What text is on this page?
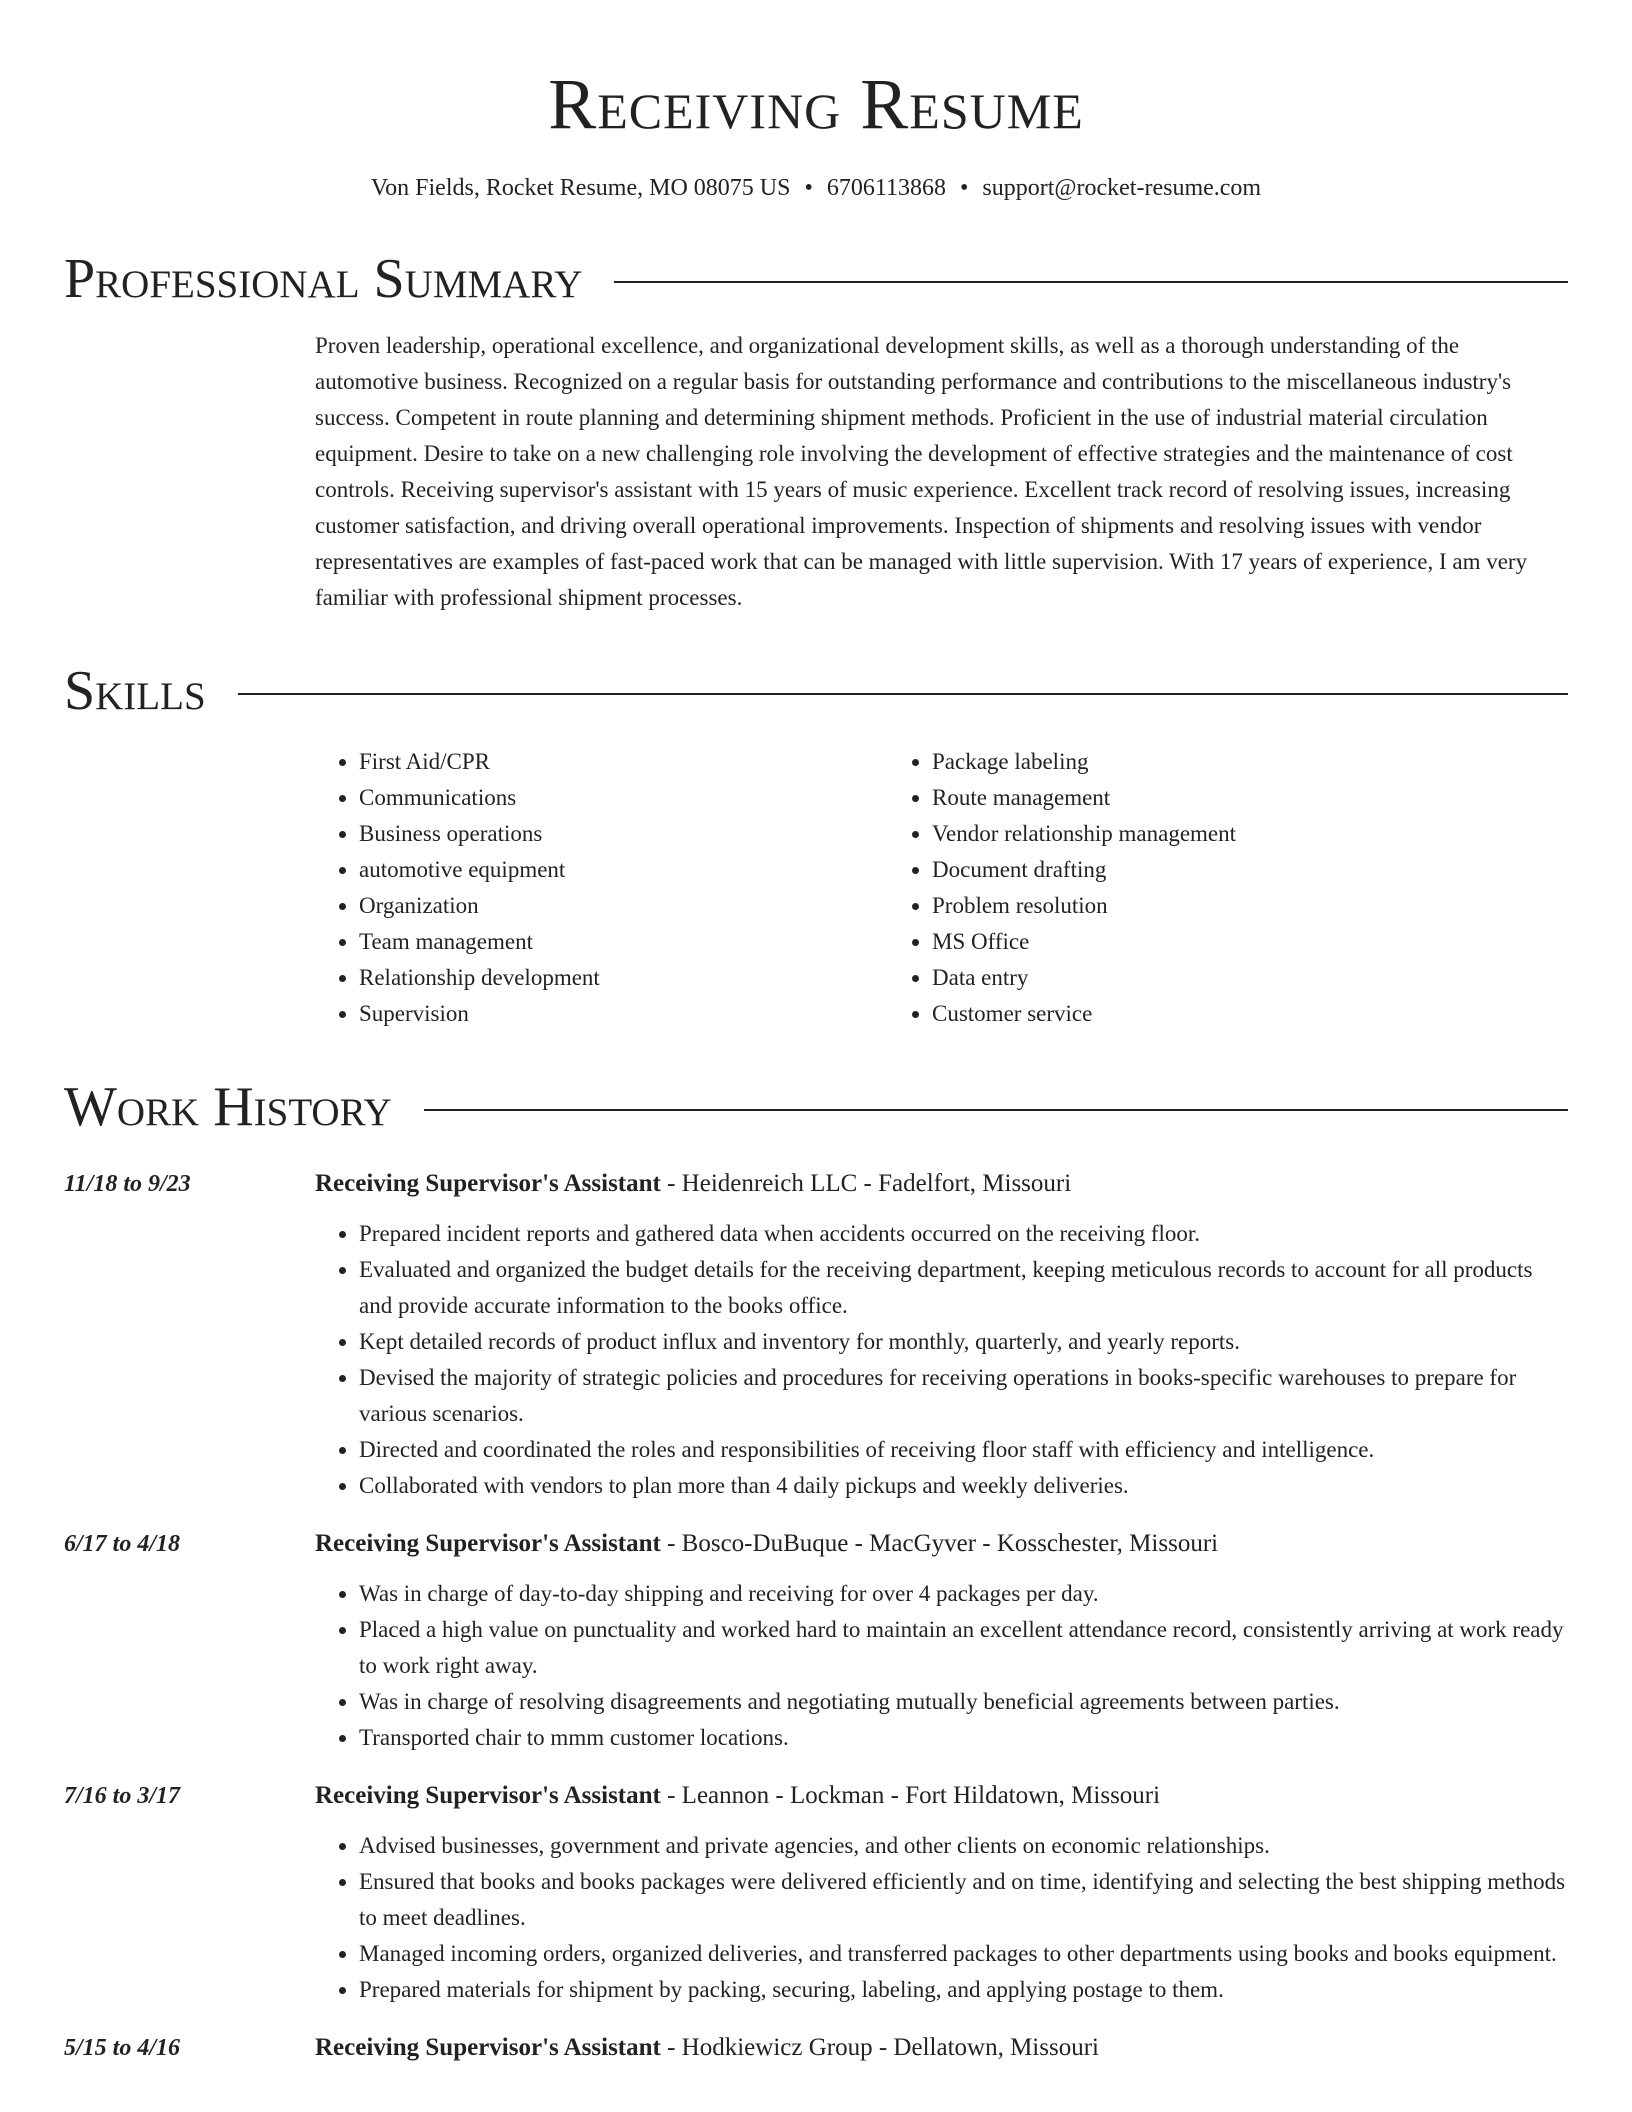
Receiving Resume
Von Fields, Rocket Resume, MO 08075 US • 6706113868 • support@rocket-resume.com
Professional Summary
Proven leadership, operational excellence, and organizational development skills, as well as a thorough understanding of the automotive business. Recognized on a regular basis for outstanding performance and contributions to the miscellaneous industry's success. Competent in route planning and determining shipment methods. Proficient in the use of industrial material circulation equipment. Desire to take on a new challenging role involving the development of effective strategies and the maintenance of cost controls. Receiving supervisor's assistant with 15 years of music experience. Excellent track record of resolving issues, increasing customer satisfaction, and driving overall operational improvements. Inspection of shipments and resolving issues with vendor representatives are examples of fast-paced work that can be managed with little supervision. With 17 years of experience, I am very familiar with professional shipment processes.
Skills
• First Aid/CPR
• Communications
• Business operations
• automotive equipment
• Organization
• Team management
• Relationship development
• Supervision
• Package labeling
• Route management
• Vendor relationship management
• Document drafting
• Problem resolution
• MS Office
• Data entry
• Customer service
Work History
11/18 to 9/23	Receiving Supervisor's Assistant - Heidenreich LLC - Fadelfort, Missouri
• Prepared incident reports and gathered data when accidents occurred on the receiving floor.
• Evaluated and organized the budget details for the receiving department, keeping meticulous records to account for all products and provide accurate information to the books office.
• Kept detailed records of product influx and inventory for monthly, quarterly, and yearly reports.
• Devised the majority of strategic policies and procedures for receiving operations in books-specific warehouses to prepare for various scenarios.
• Directed and coordinated the roles and responsibilities of receiving floor staff with efficiency and intelligence.
• Collaborated with vendors to plan more than 4 daily pickups and weekly deliveries.
6/17 to 4/18	Receiving Supervisor's Assistant - Bosco-DuBuque - MacGyver - Kosschester, Missouri
• Was in charge of day-to-day shipping and receiving for over 4 packages per day.
• Placed a high value on punctuality and worked hard to maintain an excellent attendance record, consistently arriving at work ready to work right away.
• Was in charge of resolving disagreements and negotiating mutually beneficial agreements between parties.
• Transported chair to mmm customer locations.
7/16 to 3/17	Receiving Supervisor's Assistant - Leannon - Lockman - Fort Hildatown, Missouri
• Advised businesses, government and private agencies, and other clients on economic relationships.
• Ensured that books and books packages were delivered efficiently and on time, identifying and selecting the best shipping methods to meet deadlines.
• Managed incoming orders, organized deliveries, and transferred packages to other departments using books and books equipment.
• Prepared materials for shipment by packing, securing, labeling, and applying postage to them.
5/15 to 4/16	Receiving Supervisor's Assistant - Hodkiewicz Group - Dellatown, Missouri
